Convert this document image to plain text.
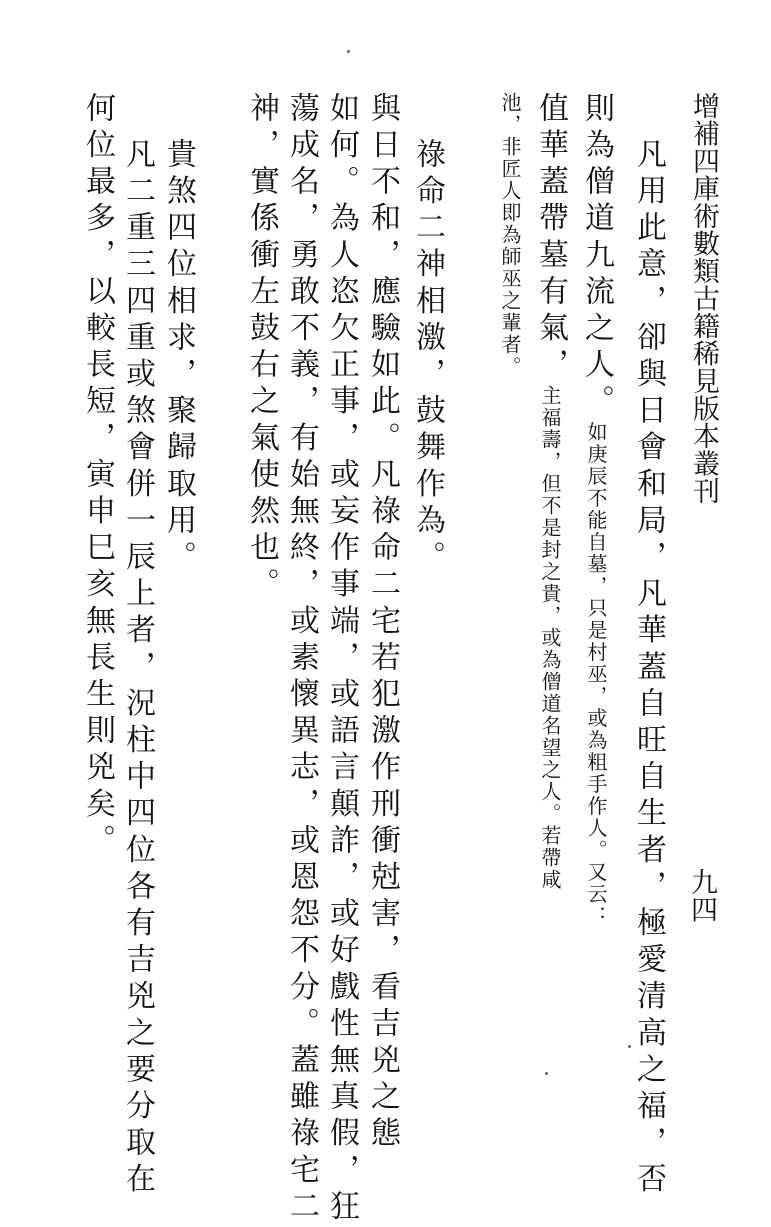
增補四庫術數類古籍稀見版本叢刊
九四
凡用此意，卻與日會和局，凡華蓋自旺自生者，極愛清高之福，否
則為僧道九流之人。如庚辰不能自墓，只是村巫，或為粗手作人。又云：
值華蓋帶墓有氣，主福壽，但不是封之貴，或為僧道名望之人。若帶咸
池，非匠人即為師巫之輩者。
祿命二神相激，鼓舞作為。
與日不和，應驗如此。凡祿命二宅若犯激作刑衝尅害，看吉兇之態
如何。為人恣欠正事，或妄作事端，或語言顛詐，或好戲性無真假，狂
蕩成名，勇敢不義，有始無終，或素懷異志，或恩怨不分。蓋雖祿宅二
神，實係衝左鼓右之氣使然也。
貴煞四位相求，聚歸取用。
凡二重三四重或煞會併一辰上者，況柱中四位各有吉兇之要分取在
何位最多，以較長短，寅申巳亥無長生則兇矣。
